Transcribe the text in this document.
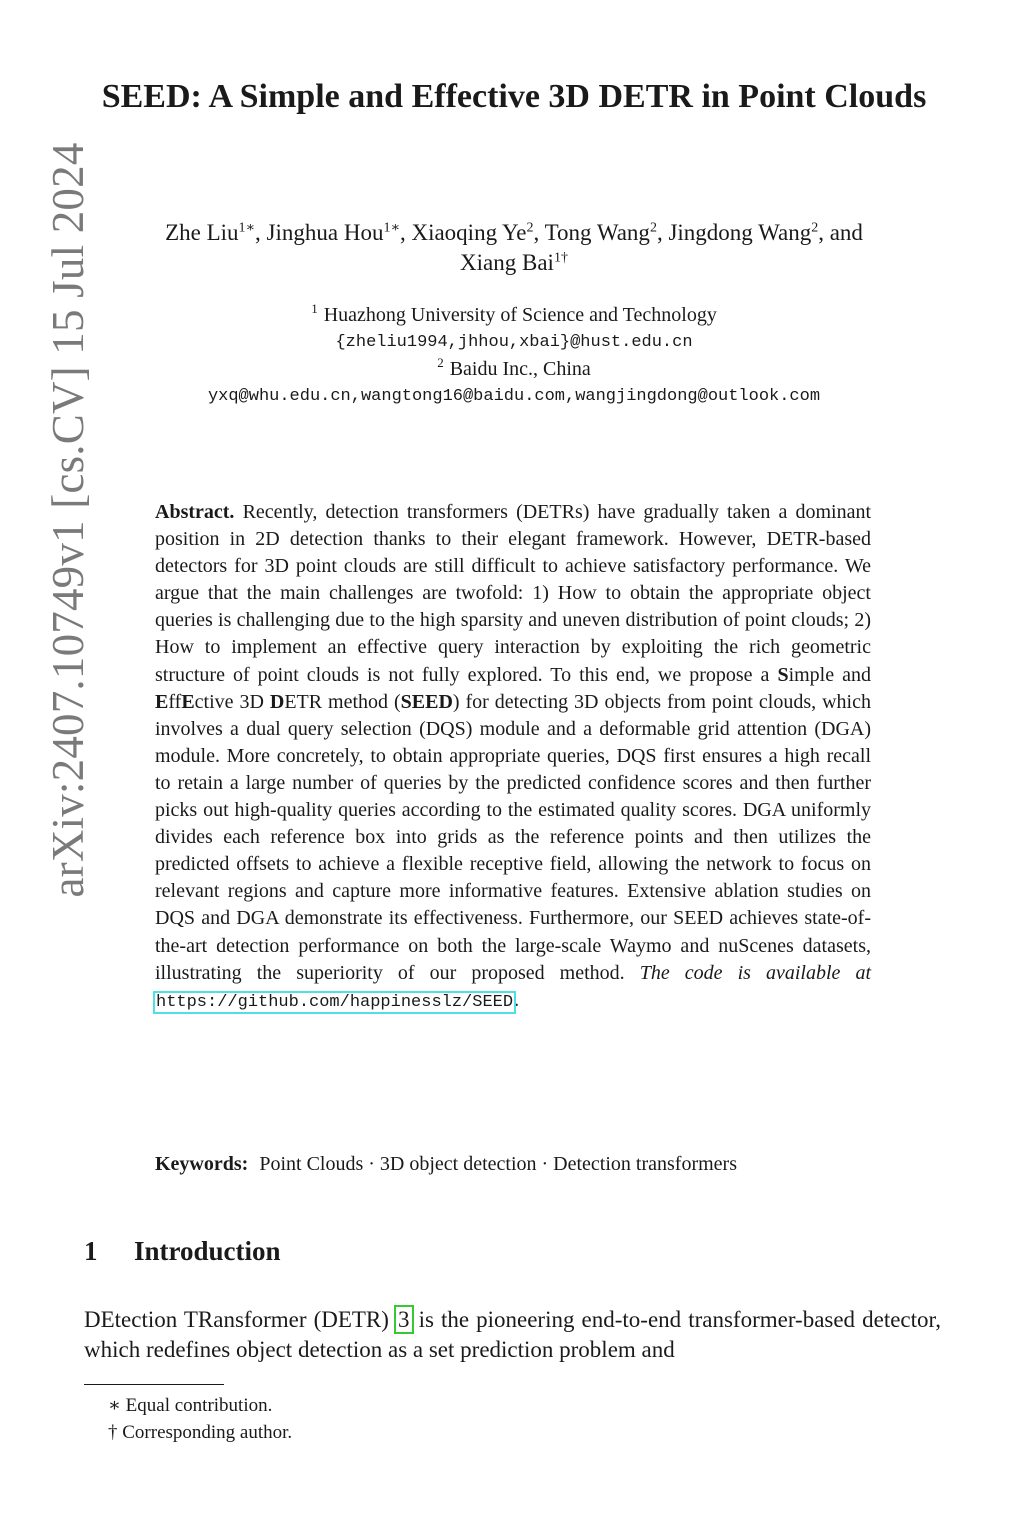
arXiv:2407.10749v1 [cs.CV] 15 Jul 2024
SEED: A Simple and Effective 3D DETR in Point Clouds
Zhe Liu$^{1∗}$, Jinghua Hou$^{1∗}$, Xiaoqing Ye$^2$, Tong Wang$^2$, Jingdong Wang$^2$, and
Xiang Bai$^{1\dagger}$
$^1$ Huazhong University of Science and Technology
{zheliu1994,jhhou,xbai}@hust.edu.cn
$^2$ Baidu Inc., China
yxq@whu.edu.cn,wangtong16@baidu.com,wangjingdong@outlook.com
Abstract. Recently, detection transformers (DETRs) have gradually taken a dominant position in 2D detection thanks to their elegant framework. However, DETR-based detectors for 3D point clouds are still difficult to achieve satisfactory performance. We argue that the main challenges are twofold: 1) How to obtain the appropriate object queries is challenging due to the high sparsity and uneven distribution of point clouds; 2) How to implement an effective query interaction by exploiting the rich geometric structure of point clouds is not fully explored. To this end, we propose a Simple and EffEctive 3D DETR method (SEED) for detecting 3D objects from point clouds, which involves a dual query selection (DQS) module and a deformable grid attention (DGA) module. More concretely, to obtain appropriate queries, DQS first ensures a high recall to retain a large number of queries by the predicted confidence scores and then further picks out high-quality queries according to the estimated quality scores. DGA uniformly divides each reference box into grids as the reference points and then utilizes the predicted offsets to achieve a flexible receptive field, allowing the network to focus on relevant regions and capture more informative features. Extensive ablation studies on DQS and DGA demonstrate its effectiveness. Furthermore, our SEED achieves state-of-the-art detection performance on both the large-scale Waymo and nuScenes datasets, illustrating the superiority of our proposed method. The code is available at https://github.com/happinesslz/SEED.
Keywords: Point Clouds · 3D object detection · Detection transformers
1 Introduction
DEtection TRansformer (DETR) 3 is the pioneering end-to-end transformer-based detector, which redefines object detection as a set prediction problem and
∗ Equal contribution.
† Corresponding author.
